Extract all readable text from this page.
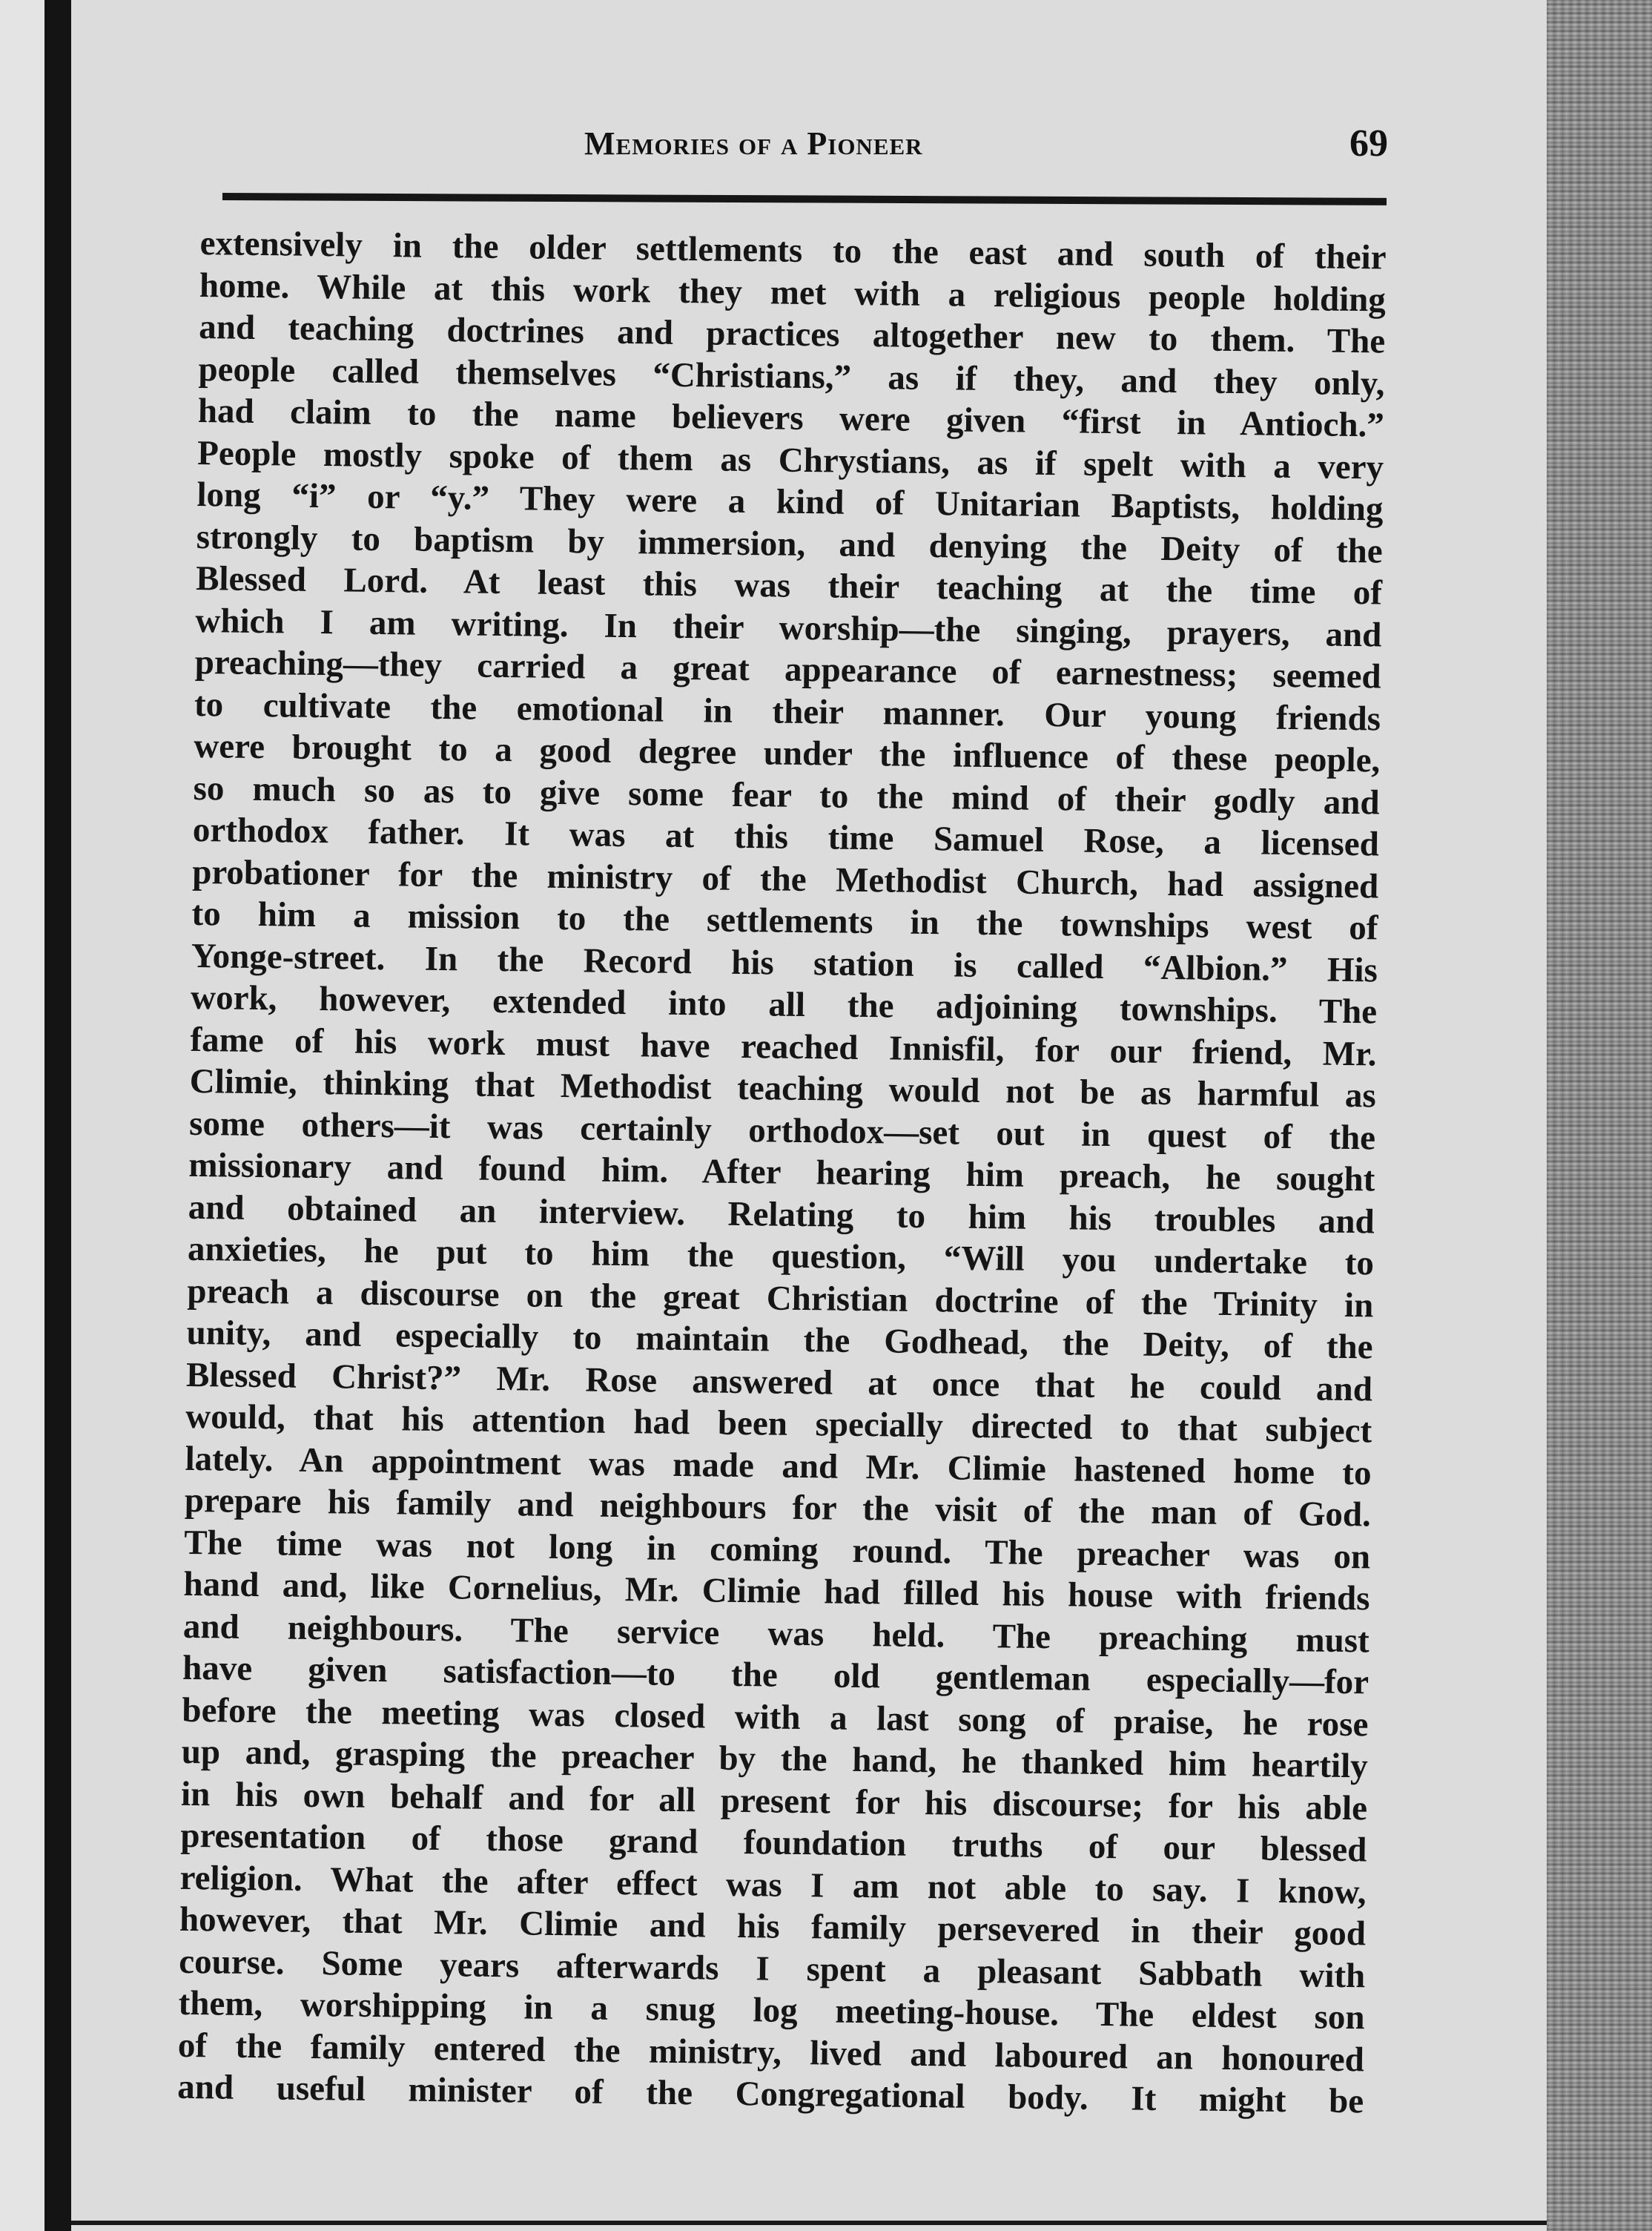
Memories of a Pioneer	69
extensively in the older settlements to the east and south of their
home. While at this work they met with a religious people holding
and teaching doctrines and practices altogether new to them. The
people called themselves “Christians,” as if they, and they only,
had claim to the name believers were given “first in Antioch.”
People mostly spoke of them as Chrystians, as if spelt with a very
long “i” or “y.” They were a kind of Unitarian Baptists, holding
strongly to baptism by immersion, and denying the Deity of the
Blessed Lord. At least this was their teaching at the time of
which I am writing. In their worship—the singing, prayers, and
preaching—they carried a great appearance of earnestness; seemed
to cultivate the emotional in their manner. Our young friends
were brought to a good degree under the influence of these people,
so much so as to give some fear to the mind of their godly and
orthodox father. It was at this time Samuel Rose, a licensed
probationer for the ministry of the Methodist Church, had assigned
to him a mission to the settlements in the townships west of
Yonge-street. In the Record his station is called “Albion.” His
work, however, extended into all the adjoining townships. The
fame of his work must have reached Innisfil, for our friend, Mr.
Climie, thinking that Methodist teaching would not be as harmful as
some others—it was certainly orthodox—set out in quest of the
missionary and found him. After hearing him preach, he sought
and obtained an interview. Relating to him his troubles and
anxieties, he put to him the question, “Will you undertake to
preach a discourse on the great Christian doctrine of the Trinity in
unity, and especially to maintain the Godhead, the Deity, of the
Blessed Christ?” Mr. Rose answered at once that he could and
would, that his attention had been specially directed to that subject
lately. An appointment was made and Mr. Climie hastened home to
prepare his family and neighbours for the visit of the man of God.
The time was not long in coming round. The preacher was on
hand and, like Cornelius, Mr. Climie had filled his house with friends
and neighbours. The service was held. The preaching must
have given satisfaction—to the old gentleman especially—for
before the meeting was closed with a last song of praise, he rose
up and, grasping the preacher by the hand, he thanked him heartily
in his own behalf and for all present for his discourse; for his able
presentation of those grand foundation truths of our blessed
religion. What the after effect was I am not able to say. I know,
however, that Mr. Climie and his family persevered in their good
course. Some years afterwards I spent a pleasant Sabbath with
them, worshipping in a snug log meeting-house. The eldest son
of the family entered the ministry, lived and laboured an honoured
and useful minister of the Congregational body. It might be
